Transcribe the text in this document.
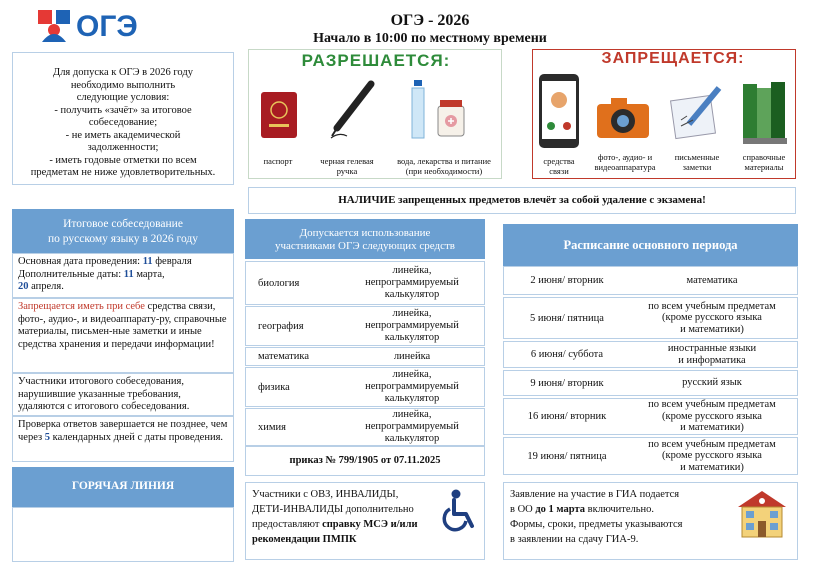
ОГЭ	ОГЭ - 2026
Начало в 10:00 по местному времени
Для допуска к ОГЭ в 2026 году
необходимо выполнить
следующие условия:
- получить «зачёт» за итоговое
собеседование;
- не иметь академической
задолженности;
- иметь годовые отметки по всем
предметам не ниже удовлетворительных.
РАЗРЕШАЕТСЯ:
паспорт	черная гелевая
ручка
вода, лекарства и питание
(при необходимости)
ЗАПРЕЩАЕТСЯ:
средства
связи
фото-, аудио- и
видеоаппаратура
письменные
заметки
справочные
материалы
НАЛИЧИЕ запрещенных предметов влечёт за собой удаление с экзамена!
Итоговое собеседование
по русскому языку в 2026 году
Основная дата проведения: 11 февраля
Дополнительные даты: 11 марта,
20 апреля.
Запрещается иметь при себе средства связи, фото-, аудио-, и видеоаппарату-ру, справочные материалы, письмен-ные заметки и иные средства хранения и передачи информации!
Участники итогового собеседования, нарушившие указанные требования, удаляются с итогового собеседования.
Проверка ответов завершается не позднее, чем через 5 календарных дней с даты проведения.
ГОРЯЧАЯ ЛИНИЯ
Допускается использование
участниками ОГЭ следующих средств
биология
линейка,
непрограммируемый
калькулятор
география
линейка,
непрограммируемый
калькулятор
математика	линейка
физика
линейка,
непрограммируемый
калькулятор
химия
линейка,
непрограммируемый
калькулятор
приказ № 799/1905 от 07.11.2025
Расписание основного периода
2 июня/ вторник	математика
5 июня/ пятница
по всем учебным предметам
(кроме русского языка
и математики)
6 июня/ суббота
иностранные языки
и информатика
9 июня/ вторник	русский язык
16 июня/ вторник
по всем учебным предметам
(кроме русского языка
и математики)
19 июня/ пятница
по всем учебным предметам
(кроме русского языка
и математики)
Участники с ОВЗ, ИНВАЛИДЫ,
ДЕТИ-ИНВАЛИДЫ дополнительно
предоставляют справку МСЭ и/или
рекомендации ПМПК
Заявление на участие в ГИА подается
в ОО до 1 марта включительно.
Формы, сроки, предметы указываются
в заявлении на сдачу ГИА-9.
